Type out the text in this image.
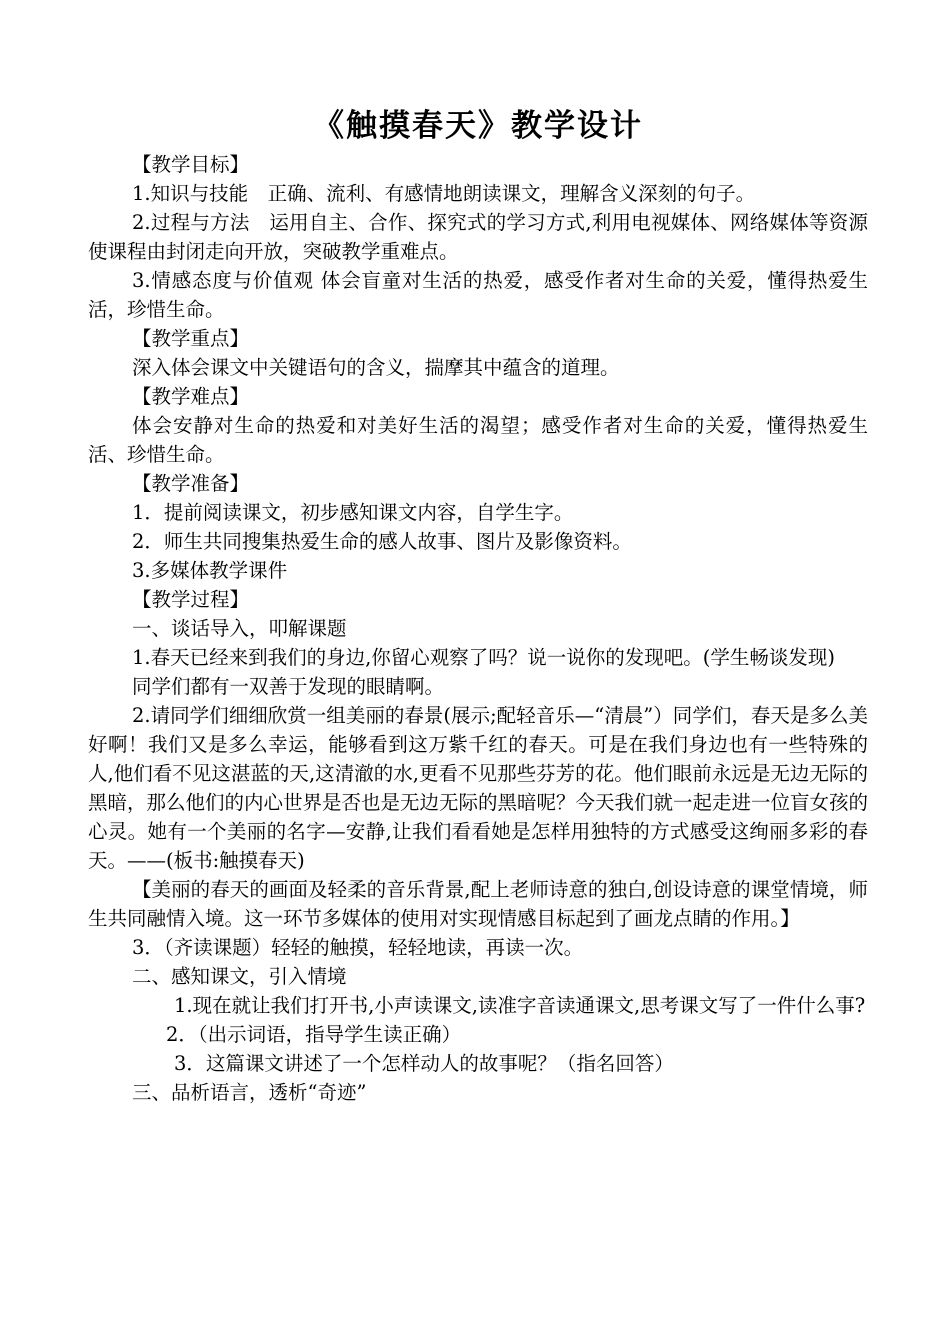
《触摸春天》教学设计

【教学目标】

1.知识与技能　正确、流利、有感情地朗读课文，理解含义深刻的句子。

2.过程与方法　运用自主、合作、探究式的学习方式,利用电视媒体、网络媒体等资源使课程由封闭走向开放，突破教学重难点。

3.情感态度与价值观 体会盲童对生活的热爱，感受作者对生命的关爱，懂得热爱生活，珍惜生命。

【教学重点】

深入体会课文中关键语句的含义，揣摩其中蕴含的道理。

【教学难点】

体会安静对生命的热爱和对美好生活的渴望；感受作者对生命的关爱，懂得热爱生活、珍惜生命。

【教学准备】

1．提前阅读课文，初步感知课文内容，自学生字。

2．师生共同搜集热爱生命的感人故事、图片及影像资料。

3.多媒体教学课件

【教学过程】

一、谈话导入，叩解课题

1.春天已经来到我们的身边,你留心观察了吗？说一说你的发现吧。(学生畅谈发现)

同学们都有一双善于发现的眼睛啊。

2.请同学们细细欣赏一组美丽的春景(展示;配轻音乐—“清晨”）同学们，春天是多么美好啊！我们又是多么幸运，能够看到这万紫千红的春天。可是在我们身边也有一些特殊的人,他们看不见这湛蓝的天,这清澈的水,更看不见那些芬芳的花。他们眼前永远是无边无际的黑暗，那么他们的内心世界是否也是无边无际的黑暗呢？今天我们就一起走进一位盲女孩的心灵。她有一个美丽的名字—安静,让我们看看她是怎样用独特的方式感受这绚丽多彩的春天。——(板书:触摸春天)

【美丽的春天的画面及轻柔的音乐背景,配上老师诗意的独白,创设诗意的课堂情境，师生共同融情入境。这一环节多媒体的使用对实现情感目标起到了画龙点睛的作用。】

3．（齐读课题）轻轻的触摸，轻轻地读，再读一次。

二、感知课文，引入情境

1.现在就让我们打开书,小声读课文,读准字音读通课文,思考课文写了一件什么事?

2．（出示词语，指导学生读正确）

3．这篇课文讲述了一个怎样动人的故事呢？（指名回答）

三、品析语言，透析“奇迹”
